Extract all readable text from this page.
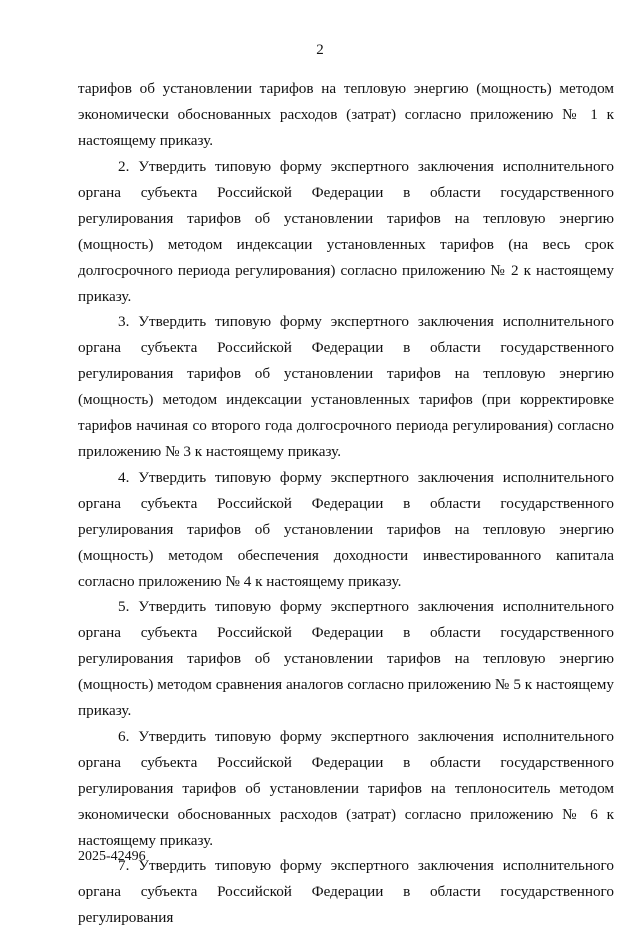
2

тарифов об установлении тарифов на тепловую энергию (мощность) методом экономически обоснованных расходов (затрат) согласно приложению № 1 к настоящему приказу.

2. Утвердить типовую форму экспертного заключения исполнительного органа субъекта Российской Федерации в области государственного регулирования тарифов об установлении тарифов на тепловую энергию (мощность) методом индексации установленных тарифов (на весь срок долгосрочного периода регулирования) согласно приложению № 2 к настоящему приказу.

3. Утвердить типовую форму экспертного заключения исполнительного органа субъекта Российской Федерации в области государственного регулирования тарифов об установлении тарифов на тепловую энергию (мощность) методом индексации установленных тарифов (при корректировке тарифов начиная со второго года долгосрочного периода регулирования) согласно приложению № 3 к настоящему приказу.

4. Утвердить типовую форму экспертного заключения исполнительного органа субъекта Российской Федерации в области государственного регулирования тарифов об установлении тарифов на тепловую энергию (мощность) методом обеспечения доходности инвестированного капитала согласно приложению № 4 к настоящему приказу.

5. Утвердить типовую форму экспертного заключения исполнительного органа субъекта Российской Федерации в области государственного регулирования тарифов об установлении тарифов на тепловую энергию (мощность) методом сравнения аналогов согласно приложению № 5 к настоящему приказу.

6. Утвердить типовую форму экспертного заключения исполнительного органа субъекта Российской Федерации в области государственного регулирования тарифов об установлении тарифов на теплоноситель методом экономически обоснованных расходов (затрат) согласно приложению № 6 к настоящему приказу.

7. Утвердить типовую форму экспертного заключения исполнительного органа субъекта Российской Федерации в области государственного регулирования

2025-42496
